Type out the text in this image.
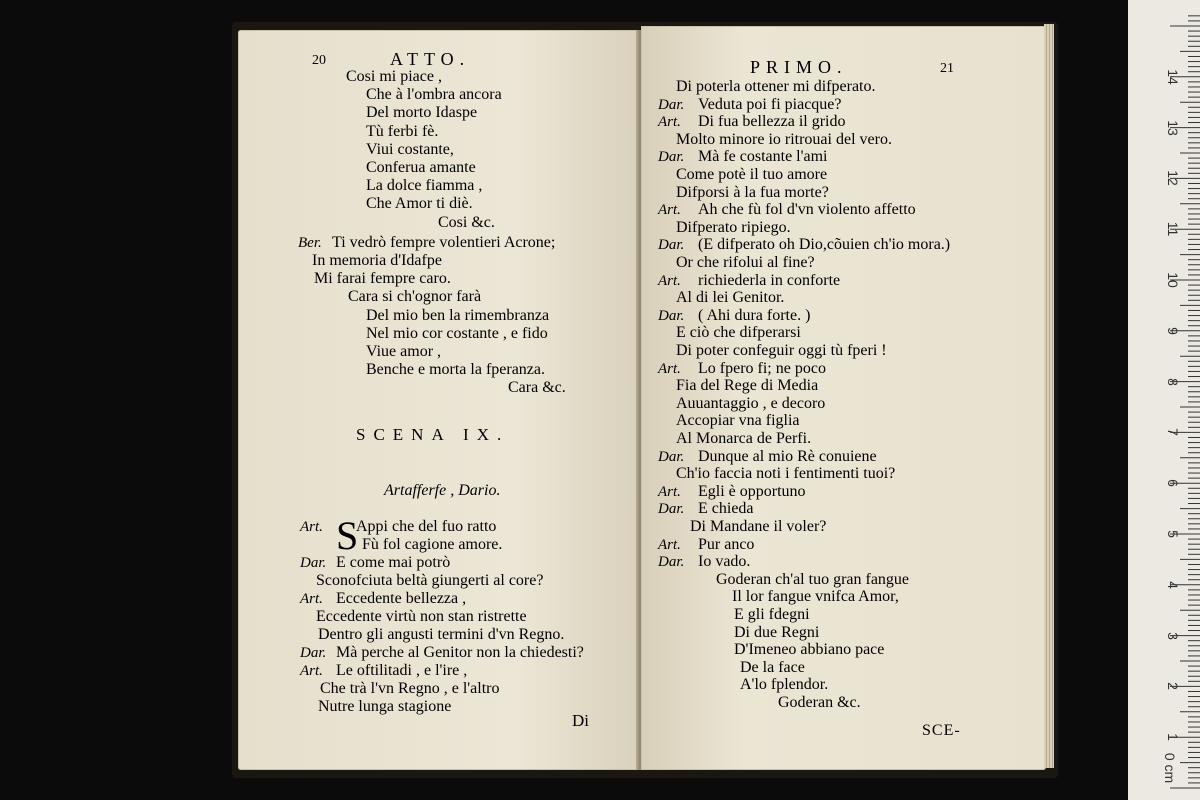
20	ATTO.
SCENA IX.
Artafferfe , Dario.
S
Di
Cosi mi piace ,
Che à l'ombra ancora
Del morto Idaspe
Tù ferbi fè.
Viui costante,
Conferua amante
La dolce fiamma ,
Che Amor ti diè.
Cosi &c.
Ber. Ti vedrò fempre volentieri Acrone;
In memoria d'Idafpe
Mi farai fempre caro.
Cara si ch'ognor farà
Del mio ben la rimembranza
Nel mio cor costante , e fido
Viue amor ,
Benche e morta la fperanza.
Cara &c.
Art. Appi che del fuo ratto
Fù fol cagione amore.
Dar. E come mai potrò
Sconofciuta beltà giungerti al core?
Art. Eccedente bellezza ,
Eccedente virtù non stan ristrette
Dentro gli angusti termini d'vn Regno.
Dar. Mà perche al Genitor non la chiedesti?
Art. Le oftilitadi , e l'ire ,
Che trà l'vn Regno , e l'altro
Nutre lunga stagione
PRIMO.	21
SCE-
Di poterla ottener mi difperato.
Dar. Veduta poi fi piacque?
Art. Di fua bellezza il grido
Molto minore io ritrouai del vero.
Dar. Mà fe costante l'ami
Come potè il tuo amore
Difporsi à la fua morte?
Art. Ah che fù fol d'vn violento affetto
Difperato ripiego.
Dar. (E difperato oh Dio,cõuien ch'io mora.)
Or che rifolui al fine?
Art. richiederla in conforte
Al di lei Genitor.
Dar. ( Ahi dura forte. )
E ciò che difperarsi
Di poter confeguir oggi tù fperi !
Art. Lo fpero fi; ne poco
Fia del Rege di Media
Auuantaggio , e decoro
Accopiar vna figlia
Al Monarca de Perfi.
Dar. Dunque al mio Rè conuiene
Ch'io faccia noti i fentimenti tuoi?
Art. Egli è opportuno
Dar. E chieda
Di Mandane il voler?
Art. Pur anco
Dar. Io vado.
Goderan ch'al tuo gran fangue
Il lor fangue vnifca Amor,
E gli fdegni
Di due Regni
D'Imeneo abbiano pace
De la face
A'lo fplendor.
Goderan &c.
14
13
12
11
10
9
8
7
6
5
4
3
2
1
0 cm
